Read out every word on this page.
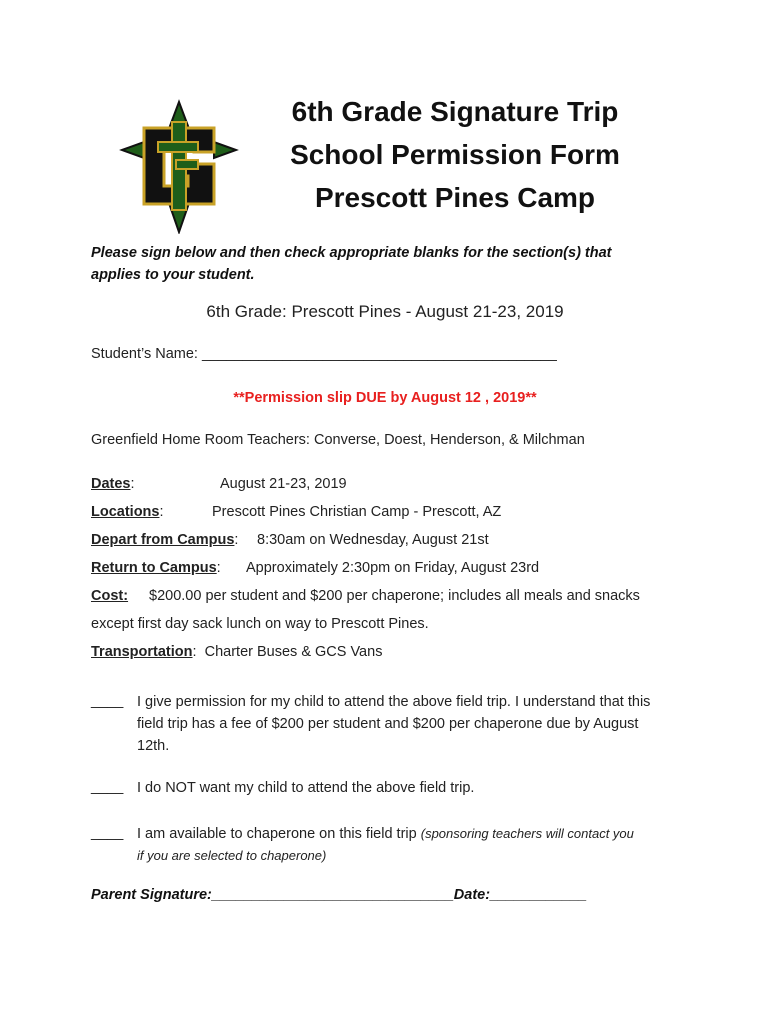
6th Grade Signature Trip
School Permission Form
Prescott Pines Camp
Please sign below and then check appropriate blanks for the section(s) that
applies to your student.
6th Grade: Prescott Pines - August 21-23, 2019
Student’s Name: ____________________________________________
**Permission slip DUE by August 12 , 2019**
Greenfield Home Room Teachers: Converse, Doest, Henderson, & Milchman
Dates:	August 21-23, 2019
Locations:	Prescott Pines Christian Camp - Prescott, AZ
Depart from Campus: 8:30am on Wednesday, August 21st
Return to Campus: Approximately 2:30pm on Friday, August 23rd
Cost: $200.00 per student and $200 per chaperone; includes all meals and snacks
except first day sack lunch on way to Prescott Pines.
Transportation: Charter Buses & GCS Vans
____ I give permission for my child to attend the above field trip. I understand that this
field trip has a fee of $200 per student and $200 per chaperone due by August
12th.
____ I do NOT want my child to attend the above field trip.
____ I am available to chaperone on this field trip (sponsoring teachers will contact you
if you are selected to chaperone)
Parent Signature:______________________________Date:____________
